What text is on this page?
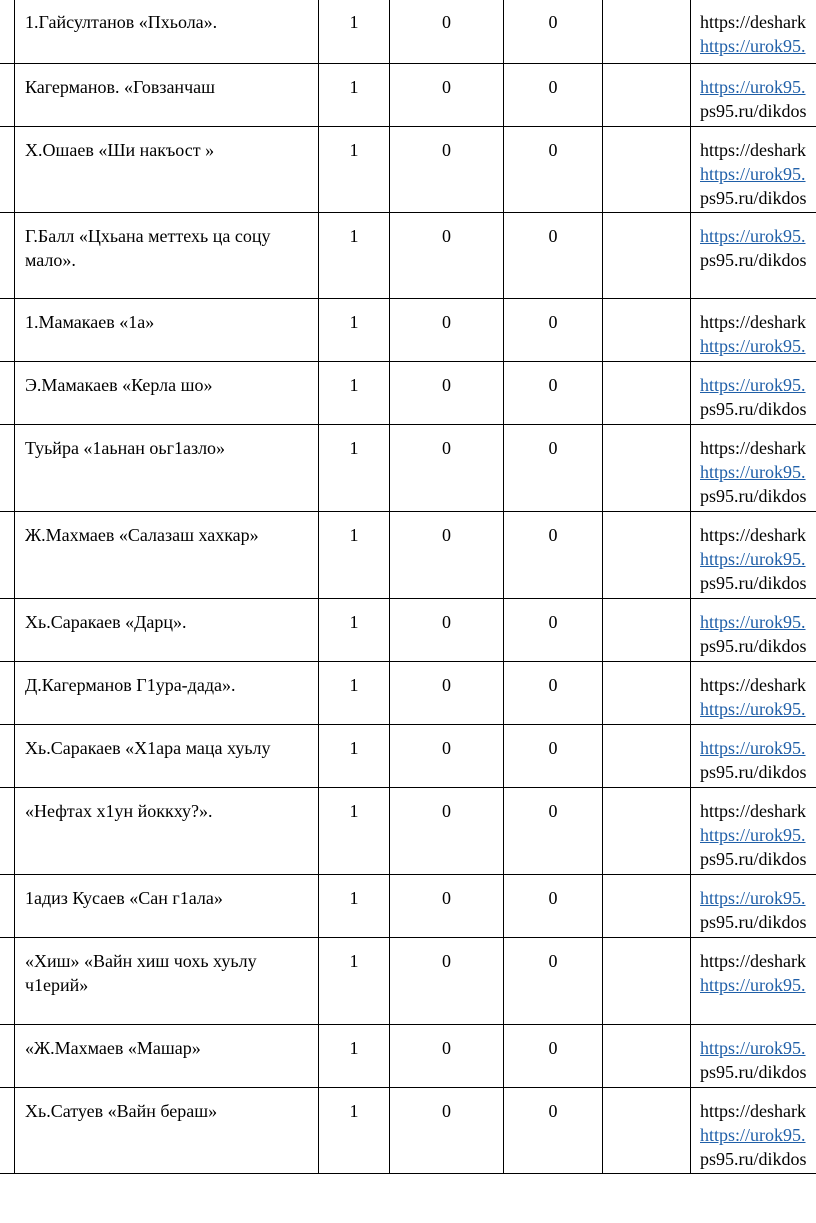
	1.Гайсултанов «Пхьола».	1	0	0		https://deshark
https://urok95.

	Кагерманов. «Говзанчаш	1	0	0		https://urok95.
ps95.ru/dikdos

	Х.Ошаев «Ши накъост »	1	0	0		https://deshark
https://urok95.
ps95.ru/dikdos

	Г.Балл «Цхьана меттехь ца соцу мало».	1	0	0		https://urok95.
ps95.ru/dikdos

	1.Мамакаев «1а»	1	0	0		https://deshark
https://urok95.

	Э.Мамакаев «Керла шо»	1	0	0		https://urok95.
ps95.ru/dikdos

	Туьйра «1аьнан оьг1азло»	1	0	0		https://deshark
https://urok95.
ps95.ru/dikdos

	Ж.Махмаев «Салазаш хахкар»	1	0	0		https://deshark
https://urok95.
ps95.ru/dikdos

	Хь.Саракаев «Дарц».	1	0	0		https://urok95.
ps95.ru/dikdos

	Д.Кагерманов Г1ура-дада».	1	0	0		https://deshark
https://urok95.

	Хь.Саракаев «Х1ара маца хуьлу	1	0	0		https://urok95.
ps95.ru/dikdos

	«Нефтах х1ун йоккху?».	1	0	0		https://deshark
https://urok95.
ps95.ru/dikdos

	1адиз Кусаев «Сан г1ала»	1	0	0		https://urok95.
ps95.ru/dikdos

	«Хиш» «Вайн хиш чохь хуьлу ч1ерий»	1	0	0		https://deshark
https://urok95.

	«Ж.Махмаев «Машар»	1	0	0		https://urok95.
ps95.ru/dikdos

	Хь.Сатуев «Вайн бераш»	1	0	0		https://deshark
https://urok95.
ps95.ru/dikdos
